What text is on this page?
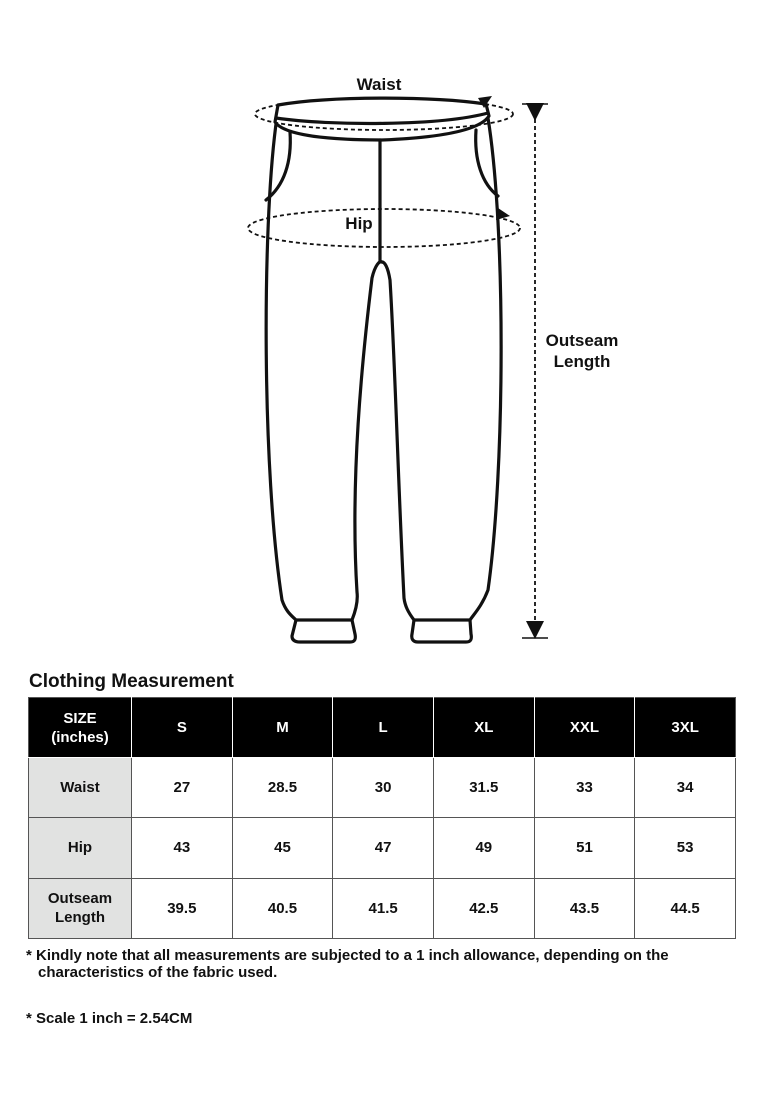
Waist
Hip
Outseam
Length
Clothing Measurement
SIZE
(inches)	S	M	L	XL	XXL	3XL
Waist	27	28.5	30	31.5	33	34
Hip	43	45	47	49	51	53
Outseam
Length	39.5	40.5	41.5	42.5	43.5	44.5
* Kindly note that all measurements are subjected to a 1 inch allowance, depending on the
characteristics of the fabric used.
* Scale 1 inch = 2.54CM
